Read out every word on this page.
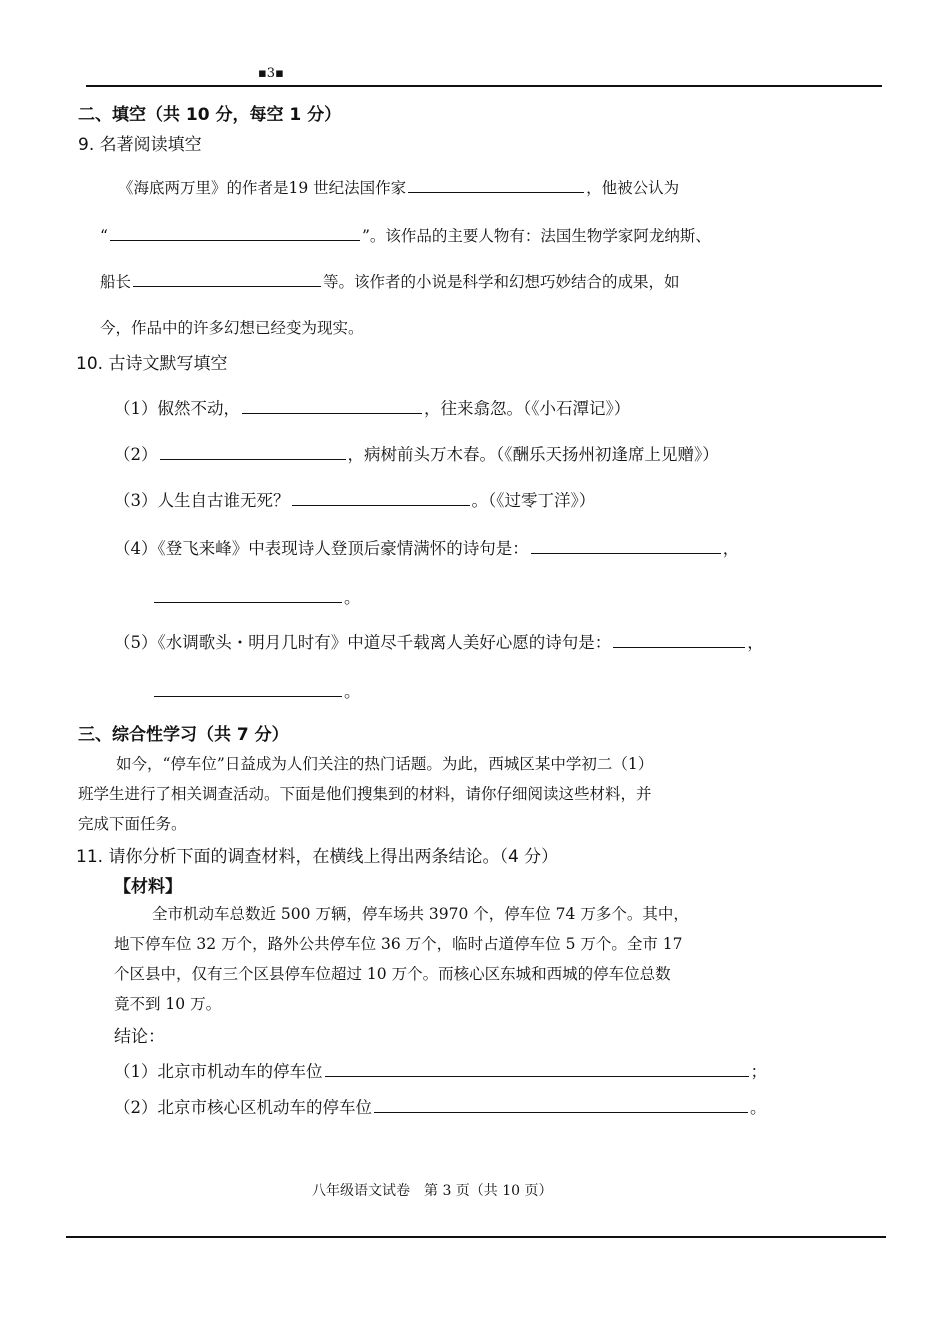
▪3▪
二、填空（共 10 分，每空 1 分）
9. 名著阅读填空
《海底两万里》的作者是19 世纪法国作家	，他被公认为
“	”。该作品的主要人物有：法国生物学家阿龙纳斯、
船长	等。该作者的小说是科学和幻想巧妙结合的成果，如
今，作品中的许多幻想已经变为现实。
10. 古诗文默写填空
（1）俶然不动，	，往来翕忽。（《小石潭记》）
（2）	，病树前头万木春。（《酬乐天扬州初逢席上见赠》）
（3）人生自古谁无死？	。（《过零丁洋》）
（4）《登飞来峰》中表现诗人登顶后豪情满怀的诗句是：	，
。
（5）《水调歌头・明月几时有》中道尽千载离人美好心愿的诗句是：	，
。
三、综合性学习（共 7 分）
如今，“停车位”日益成为人们关注的热门话题。为此，西城区某中学初二（1）
班学生进行了相关调查活动。下面是他们搜集到的材料，请你仔细阅读这些材料，并
完成下面任务。
11. 请你分析下面的调查材料，在横线上得出两条结论。（4 分）
【材料】
全市机动车总数近 500 万辆，停车场共 3970 个，停车位 74 万多个。其中，
地下停车位 32 万个，路外公共停车位 36 万个，临时占道停车位 5 万个。全市 17
个区县中，仅有三个区县停车位超过 10 万个。而核心区东城和西城的停车位总数
竟不到 10 万。
结论：
（1）北京市机动车的停车位	；
（2）北京市核心区机动车的停车位	。
八年级语文试卷　第 3 页（共 10 页）
